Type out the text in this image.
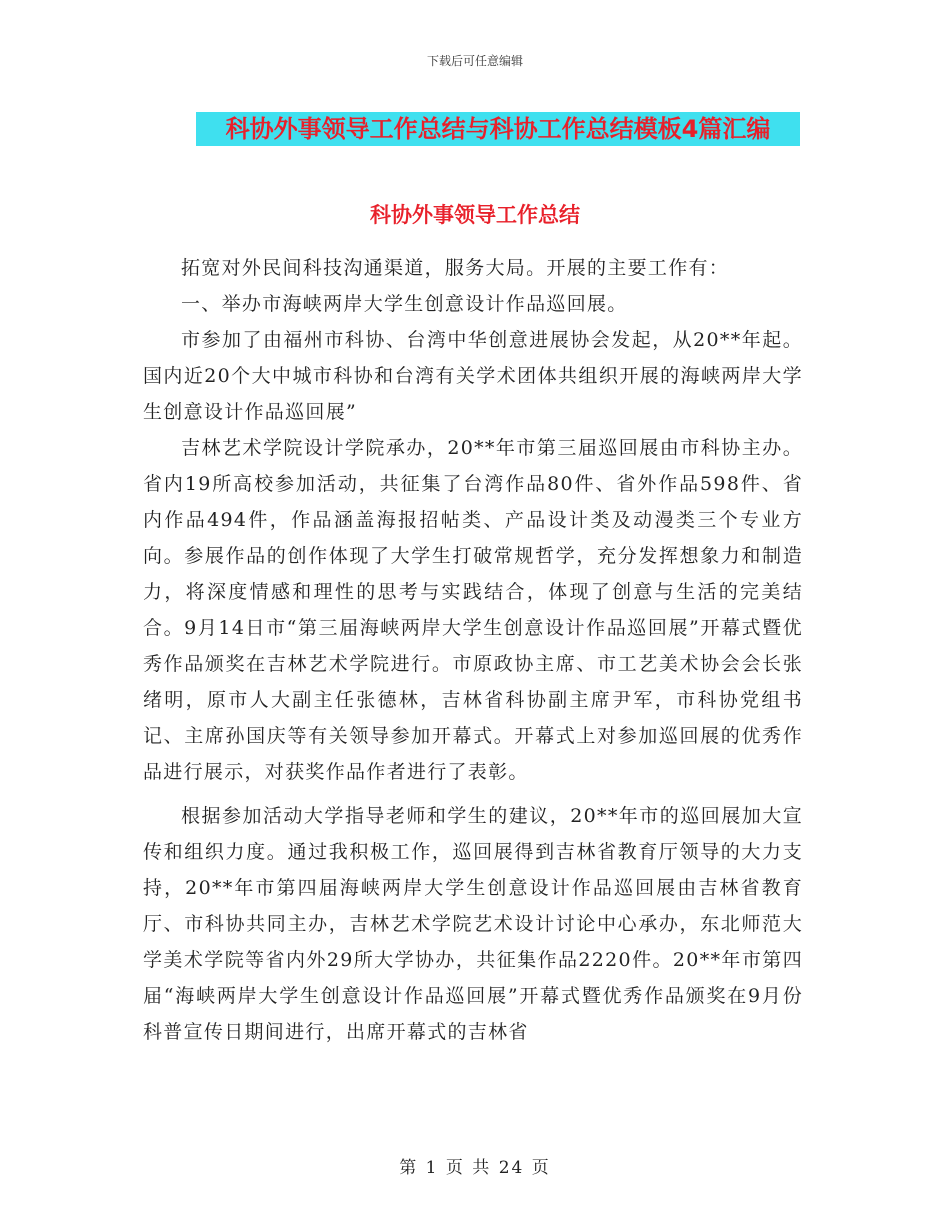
下载后可任意编辑
科协外事领导工作总结与科协工作总结模板4篇汇编
科协外事领导工作总结

拓宽对外民间科技沟通渠道，服务大局。开展的主要工作有：

一、举办市海峡两岸大学生创意设计作品巡回展。

市参加了由福州市科协、台湾中华创意进展协会发起，从20**年起。国内近20个大中城市科协和台湾有关学术团体共组织开展的海峡两岸大学生创意设计作品巡回展”

吉林艺术学院设计学院承办，20**年市第三届巡回展由市科协主办。省内19所高校参加活动，共征集了台湾作品80件、省外作品598件、省内作品494件，作品涵盖海报招帖类、产品设计类及动漫类三个专业方向。参展作品的创作体现了大学生打破常规哲学，充分发挥想象力和制造力，将深度情感和理性的思考与实践结合，体现了创意与生活的完美结合。9月14日市“第三届海峡两岸大学生创意设计作品巡回展”开幕式暨优秀作品颁奖在吉林艺术学院进行。市原政协主席、市工艺美术协会会长张绪明，原市人大副主任张德林，吉林省科协副主席尹军，市科协党组书记、主席孙国庆等有关领导参加开幕式。开幕式上对参加巡回展的优秀作品进行展示，对获奖作品作者进行了表彰。

根据参加活动大学指导老师和学生的建议，20**年市的巡回展加大宣传和组织力度。通过我积极工作，巡回展得到吉林省教育厅领导的大力支持，20**年市第四届海峡两岸大学生创意设计作品巡回展由吉林省教育厅、市科协共同主办，吉林艺术学院艺术设计讨论中心承办，东北师范大学美术学院等省内外29所大学协办，共征集作品2220件。20**年市第四届“海峡两岸大学生创意设计作品巡回展”开幕式暨优秀作品颁奖在9月份科普宣传日期间进行，出席开幕式的吉林省

第 1 页 共 24 页
